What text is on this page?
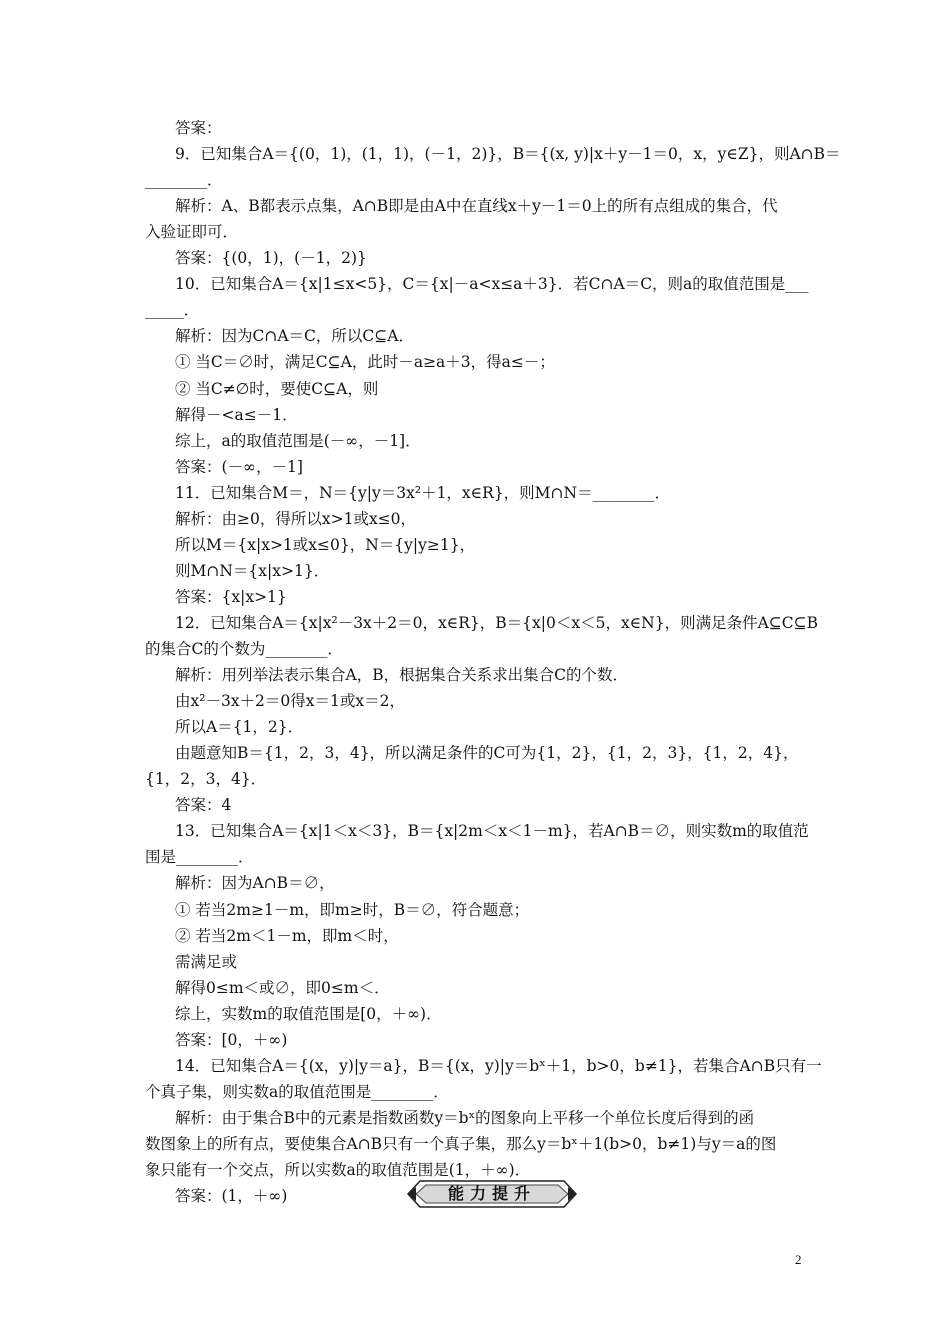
答案：
9．已知集合A＝{(0，1)，(1，1)，(－1，2)}，B＝{(x, y)|x＋y－1＝0，x，y∈Z}，则A∩B＝
________．
解析：A、B都表示点集，A∩B即是由A中在直线x＋y－1＝0上的所有点组成的集合，代
入验证即可．
答案：{(0，1)，(－1，2)}
10．已知集合A＝{x|1≤x<5}，C＝{x|－a<x≤a＋3}．若C∩A＝C，则a的取值范围是___
_____．
解析：因为C∩A＝C，所以C⊆A．
① 当C＝∅时，满足C⊆A，此时－a≥a＋3，得a≤－；
② 当C≠∅时，要使C⊆A，则
解得－<a≤－1．
综上，a的取值范围是(－∞，－1]．
答案：(－∞，－1]
11．已知集合M＝，N＝{y|y＝3x²＋1，x∈R}，则M∩N＝________．
解析：由≥0，得所以x>1或x≤0，
所以M＝{x|x>1或x≤0}，N＝{y|y≥1}，
则M∩N＝{x|x>1}．
答案：{x|x>1}
12．已知集合A＝{x|x²－3x＋2＝0，x∈R}，B＝{x|0＜x＜5，x∈N}，则满足条件A⊆C⊆B
的集合C的个数为________．
解析：用列举法表示集合A，B，根据集合关系求出集合C的个数．
由x²－3x＋2＝0得x＝1或x＝2，
所以A＝{1，2}．
由题意知B＝{1，2，3，4}，所以满足条件的C可为{1，2}，{1，2，3}，{1，2，4}，
{1，2，3，4}．
答案：4
13．已知集合A＝{x|1＜x＜3}，B＝{x|2m＜x＜1－m}，若A∩B＝∅，则实数m的取值范
围是________．
解析：因为A∩B＝∅，
① 若当2m≥1－m，即m≥时，B＝∅，符合题意；
② 若当2m＜1－m，即m＜时，
需满足或
解得0≤m＜或∅，即0≤m＜．
综上，实数m的取值范围是[0，＋∞)．
答案：[0，＋∞)
14．已知集合A＝{(x，y)|y＝a}，B＝{(x，y)|y＝bˣ＋1，b>0，b≠1}，若集合A∩B只有一
个真子集，则实数a的取值范围是________．
解析：由于集合B中的元素是指数函数y＝bˣ的图象向上平移一个单位长度后得到的函
数图象上的所有点，要使集合A∩B只有一个真子集，那么y＝bˣ＋1(b>0，b≠1)与y＝a的图
象只能有一个交点，所以实数a的取值范围是(1，＋∞)．
答案：(1，＋∞)	能力提升
2
